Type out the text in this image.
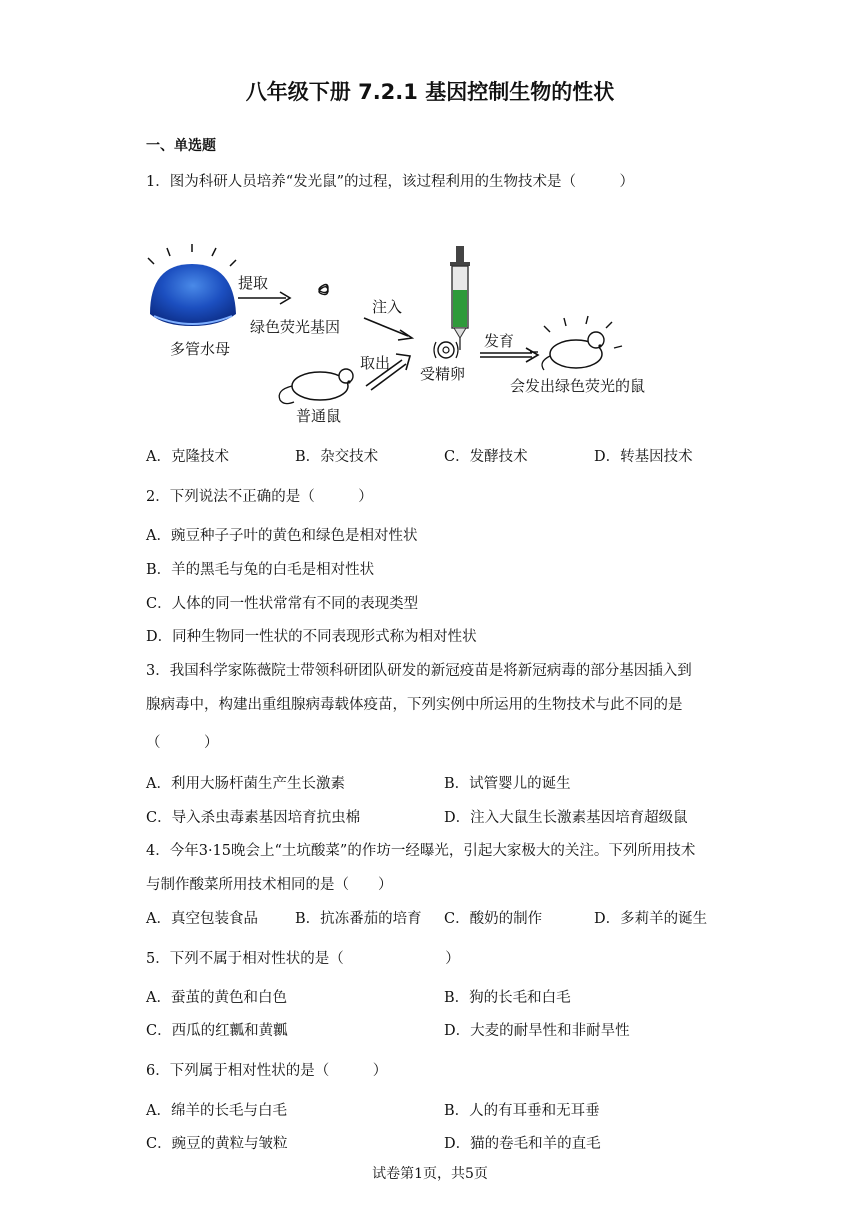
八年级下册 7.2.1 基因控制生物的性状
一、单选题
1．图为科研人员培养“发光鼠”的过程，该过程利用的生物技术是（　　　）
多管水母
提取
绿色荧光基因
注入
受精卵
取出
普通鼠
发育
会发出绿色荧光的鼠
A．克隆技术	B．杂交技术	C．发酵技术	D．转基因技术
2．下列说法不正确的是（　　　）
A．豌豆种子子叶的黄色和绿色是相对性状
B．羊的黑毛与兔的白毛是相对性状
C．人体的同一性状常常有不同的表现类型
D．同种生物同一性状的不同表现形式称为相对性状
3．我国科学家陈薇院士带领科研团队研发的新冠疫苗是将新冠病毒的部分基因插入到
腺病毒中，构建出重组腺病毒载体疫苗，下列实例中所运用的生物技术与此不同的是
（　　　）
A．利用大肠杆菌生产生长激素	B．试管婴儿的诞生
C．导入杀虫毒素基因培育抗虫棉	D．注入大鼠生长激素基因培育超级鼠
4．今年3·15晚会上“土坑酸菜”的作坊一经曝光，引起大家极大的关注。下列所用技术
与制作酸菜所用技术相同的是（　　）
A．真空包装食品	B．抗冻番茄的培育 C．酸奶的制作	D．多莉羊的诞生
5．下列不属于相对性状的是（　　　　　　　）
A．蚕茧的黄色和白色	B．狗的长毛和白毛
C．西瓜的红瓤和黄瓤	D．大麦的耐旱性和非耐旱性
6．下列属于相对性状的是（　　　）
A．绵羊的长毛与白毛	B．人的有耳垂和无耳垂
C．豌豆的黄粒与皱粒	D．猫的卷毛和羊的直毛
试卷第1页，共5页
